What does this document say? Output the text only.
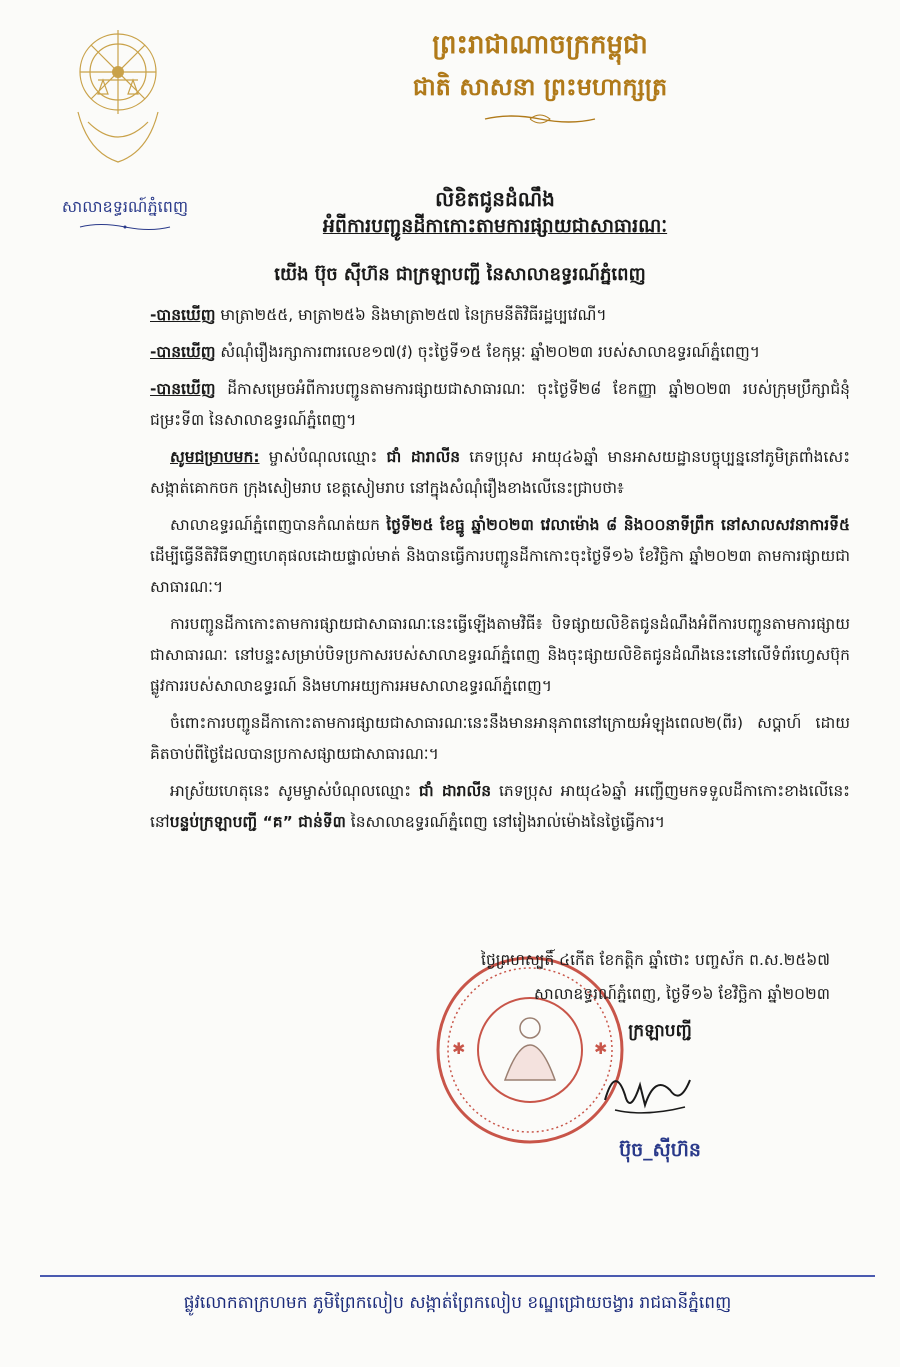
សាលាឧទ្ធរណ៍ភ្នំពេញ
ព្រះរាជាណាចក្រកម្ពុជា
ជាតិ សាសនា ព្រះមហាក្សត្រ
លិខិតជូនដំណឹង
អំពីការបញ្ជូនដីកាកោះតាមការផ្សាយជាសាធារណៈ
យើង ប៊ុច ស៊ីហ៊ន ជាក្រឡាបញ្ជី នៃសាលាឧទ្ធរណ៍ភ្នំពេញ

-បានឃើញ មាត្រា២៥៥, មាត្រា២៥៦ និងមាត្រា២៥៧ នៃក្រមនីតិវិធីរដ្ឋប្បវេណី។

-បានឃើញ សំណុំរឿងរក្សាការពារលេខ១៧(វ) ចុះថ្ងៃទី១៥ ខែកុម្ភៈ ឆ្នាំ២០២៣ របស់សាលាឧទ្ធរណ៍ភ្នំពេញ។

-បានឃើញ ដីកាសម្រេចអំពីការបញ្ជូនតាមការផ្សាយជាសាធារណៈ ចុះថ្ងៃទី២៨ ខែកញ្ញា ឆ្នាំ២០២៣ របស់ក្រុមប្រឹក្សាជំនុំជម្រះទី៣ នៃសាលាឧទ្ធរណ៍ភ្នំពេញ។

សូមជម្រាបមក: ម្ចាស់បំណុលឈ្មោះ ជាំ ដារាលីន ភេទប្រុស អាយុ៤៦ឆ្នាំ មានអាសយដ្ឋានបច្ចុប្បន្ននៅភូមិត្រពាំងសេះ សង្កាត់គោកចក ក្រុងសៀមរាប ខេត្តសៀមរាប នៅក្នុងសំណុំរឿងខាងលើនេះជ្រាបថា៖

សាលាឧទ្ធរណ៍ភ្នំពេញបានកំណត់យក ថ្ងៃទី២៥ ខែធ្នូ ឆ្នាំ២០២៣ វេលាម៉ោង ៨ និង០០នាទីព្រឹក នៅសាលសវនាការទី៥ ដើម្បីធ្វើនីតិវិធីទាញហេតុផលដោយផ្ទាល់មាត់ និងបានធ្វើការបញ្ជូនដីកាកោះចុះថ្ងៃទី១៦ ខែវិច្ឆិកា ឆ្នាំ២០២៣ តាមការផ្សាយជាសាធារណៈ។

ការបញ្ជូនដីកាកោះតាមការផ្សាយជាសាធារណៈនេះធ្វើឡើងតាមវិធី៖ បិទផ្សាយលិខិតជូនដំណឹងអំពីការបញ្ជូនតាមការផ្សាយជាសាធារណៈ នៅបន្ទះសម្រាប់បិទប្រកាសរបស់សាលាឧទ្ធរណ៍ភ្នំពេញ និងចុះផ្សាយលិខិតជូនដំណឹងនេះនៅលើទំព័រហ្វេសប៊ុកផ្លូវការរបស់សាលាឧទ្ធរណ៍ និងមហាអយ្យការអមសាលាឧទ្ធរណ៍ភ្នំពេញ។

ចំពោះការបញ្ជូនដីកាកោះតាមការផ្សាយជាសាធារណៈនេះនឹងមានអានុភាពនៅក្រោយអំឡុងពេល២(ពីរ) សប្តាហ៍ ដោយគិតចាប់ពីថ្ងៃដែលបានប្រកាសផ្សាយជាសាធារណៈ។

អាស្រ័យហេតុនេះ សូមម្ចាស់បំណុលឈ្មោះ ជាំ ដារាលីន ភេទប្រុស អាយុ៤៦ឆ្នាំ អញ្ជើញមកទទួលដីកាកោះខាងលើនេះនៅបន្ទប់ក្រឡាបញ្ជី “គ” ជាន់ទី៣ នៃសាលាឧទ្ធរណ៍ភ្នំពេញ នៅរៀងរាល់ម៉ោងនៃថ្ងៃធ្វើការ។

✱	✱
ថ្ងៃព្រហស្បតិ៍ ៤កើត ខែកត្តិក ឆ្នាំថោះ បញ្ចស័ក ព.ស.២៥៦៧
សាលាឧទ្ធរណ៍ភ្នំពេញ, ថ្ងៃទី១៦ ខែវិច្ឆិកា ឆ្នាំ២០២៣
ក្រឡាបញ្ជី
ប៊ុច_ស៊ីហ៊ន
ផ្លូវលោកតាក្រហមក ភូមិព្រែកលៀប សង្កាត់ព្រែកលៀប ខណ្ឌជ្រោយចង្វារ រាជធានីភ្នំពេញ
